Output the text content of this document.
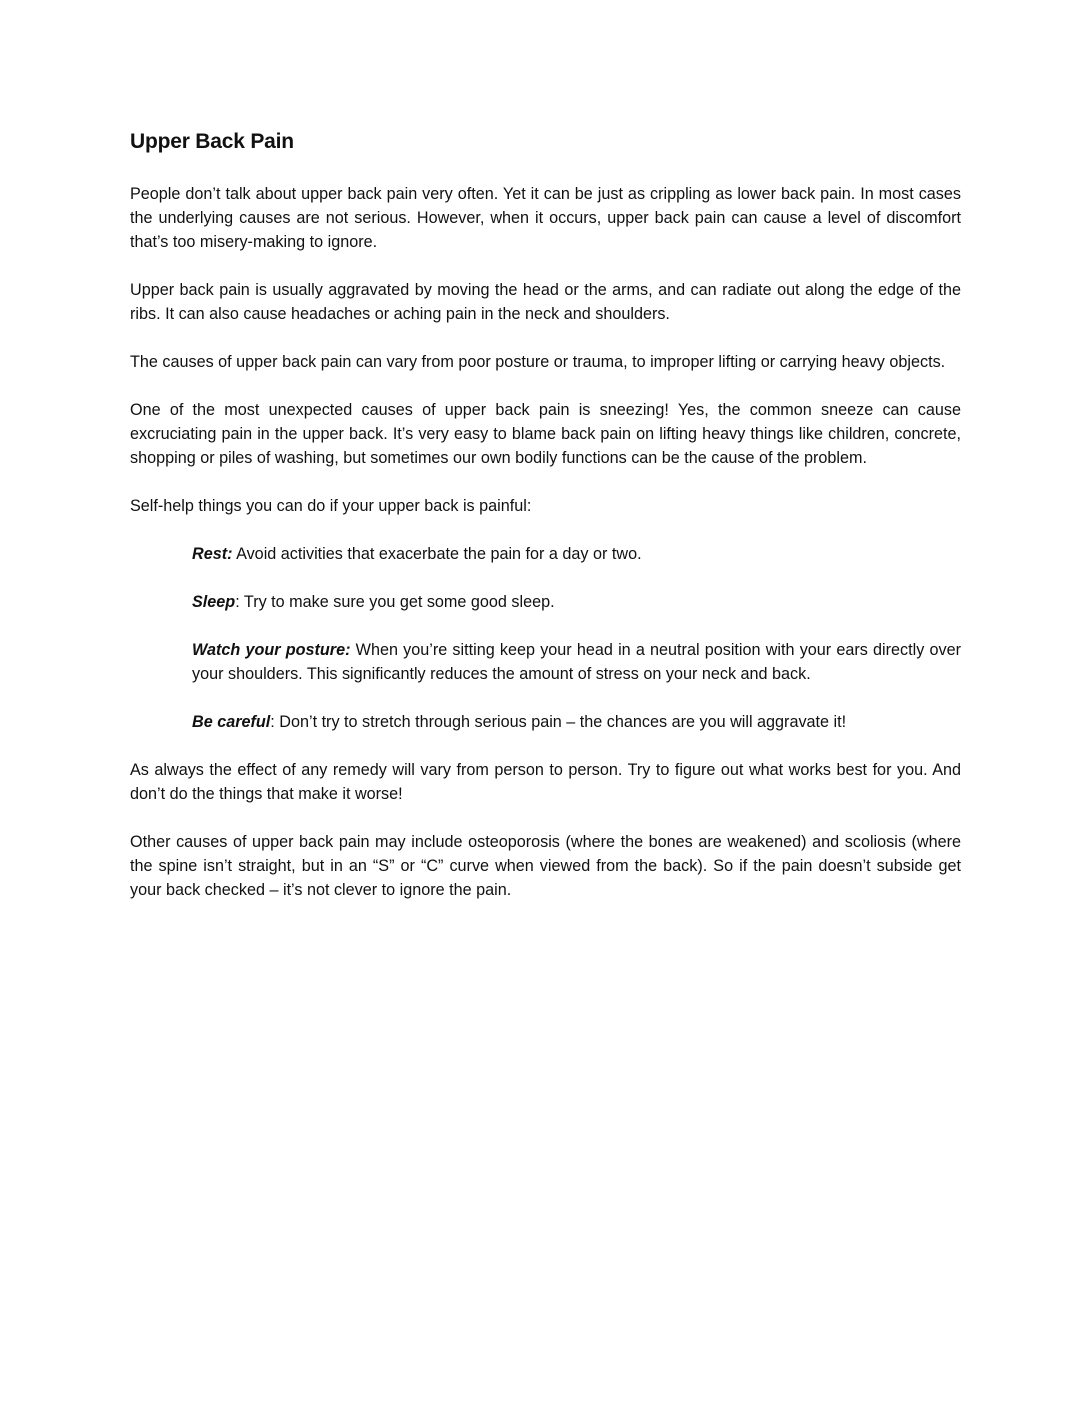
Upper Back Pain

People don’t talk about upper back pain very often. Yet it can be just as crippling as lower back pain. In most cases the underlying causes are not serious. However, when it occurs, upper back pain can cause a level of discomfort that’s too misery-making to ignore.

Upper back pain is usually aggravated by moving the head or the arms, and can radiate out along the edge of the ribs. It can also cause headaches or aching pain in the neck and shoulders.

The causes of upper back pain can vary from poor posture or trauma, to improper lifting or carrying heavy objects.

One of the most unexpected causes of upper back pain is sneezing! Yes, the common sneeze can cause excruciating pain in the upper back. It’s very easy to blame back pain on lifting heavy things like children, concrete, shopping or piles of washing, but sometimes our own bodily functions can be the cause of the problem.

Self-help things you can do if your upper back is painful:

Rest: Avoid activities that exacerbate the pain for a day or two.

Sleep: Try to make sure you get some good sleep.

Watch your posture: When you’re sitting keep your head in a neutral position with your ears directly over your shoulders. This significantly reduces the amount of stress on your neck and back.

Be careful: Don’t try to stretch through serious pain – the chances are you will aggravate it!

As always the effect of any remedy will vary from person to person. Try to figure out what works best for you. And don’t do the things that make it worse!

Other causes of upper back pain may include osteoporosis (where the bones are weakened) and scoliosis (where the spine isn’t straight, but in an “S” or “C” curve when viewed from the back). So if the pain doesn’t subside get your back checked – it’s not clever to ignore the pain.
